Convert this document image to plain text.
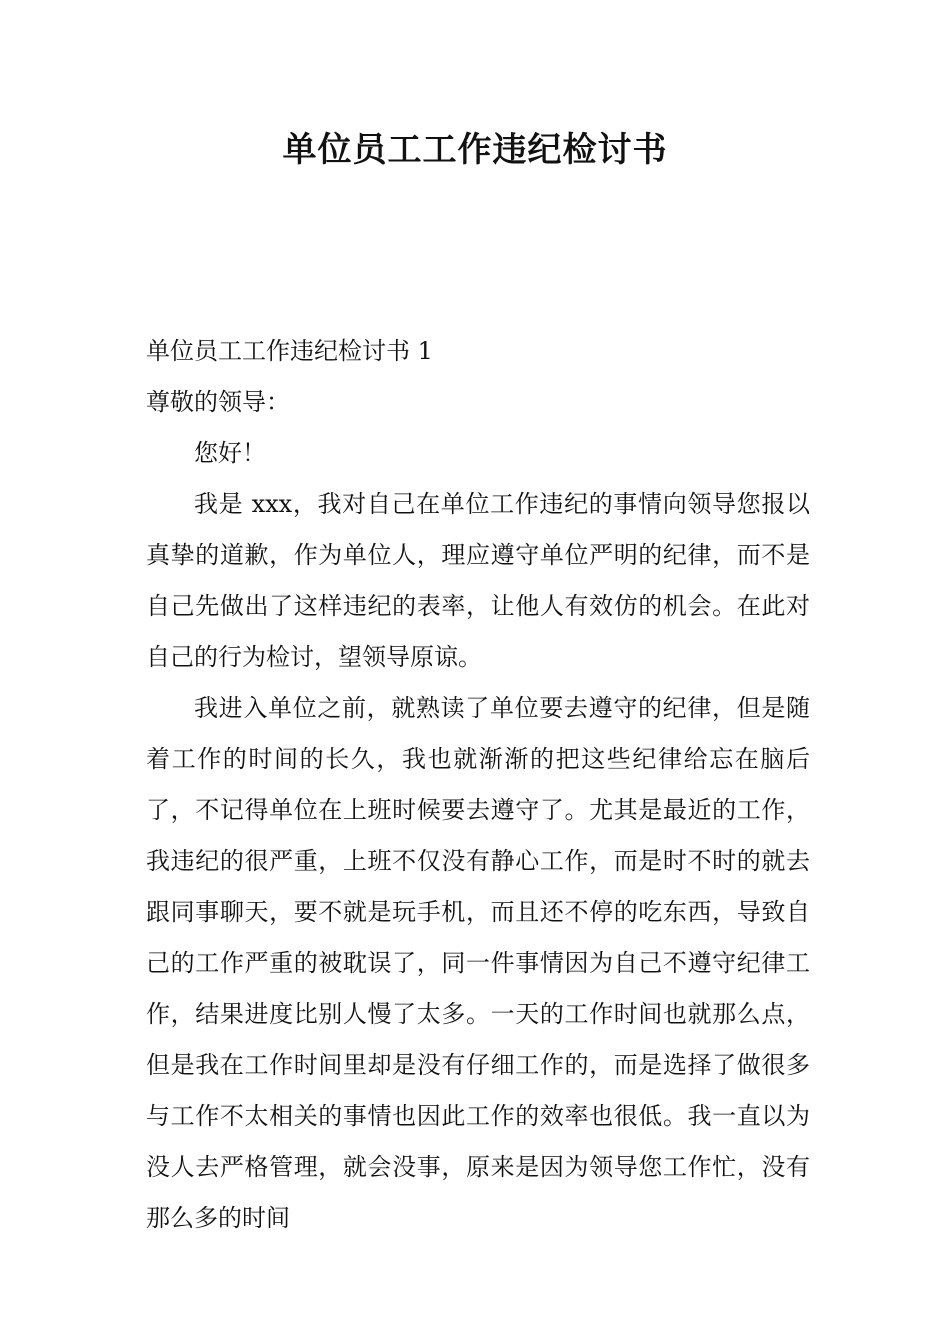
单位员工工作违纪检讨书

单位员工工作违纪检讨书 1

尊敬的领导：

您好！

我是 xxx，我对自己在单位工作违纪的事情向领导您报以真挚的道歉，作为单位人，理应遵守单位严明的纪律，而不是自己先做出了这样违纪的表率，让他人有效仿的机会。在此对自己的行为检讨，望领导原谅。

我进入单位之前，就熟读了单位要去遵守的纪律，但是随着工作的时间的长久，我也就渐渐的把这些纪律给忘在脑后了，不记得单位在上班时候要去遵守了。尤其是最近的工作，我违纪的很严重，上班不仅没有静心工作，而是时不时的就去跟同事聊天，要不就是玩手机，而且还不停的吃东西，导致自己的工作严重的被耽误了，同一件事情因为自己不遵守纪律工作，结果进度比别人慢了太多。一天的工作时间也就那么点，但是我在工作时间里却是没有仔细工作的，而是选择了做很多与工作不太相关的事情也因此工作的效率也很低。我一直以为没人去严格管理，就会没事，原来是因为领导您工作忙，没有那么多的时间
